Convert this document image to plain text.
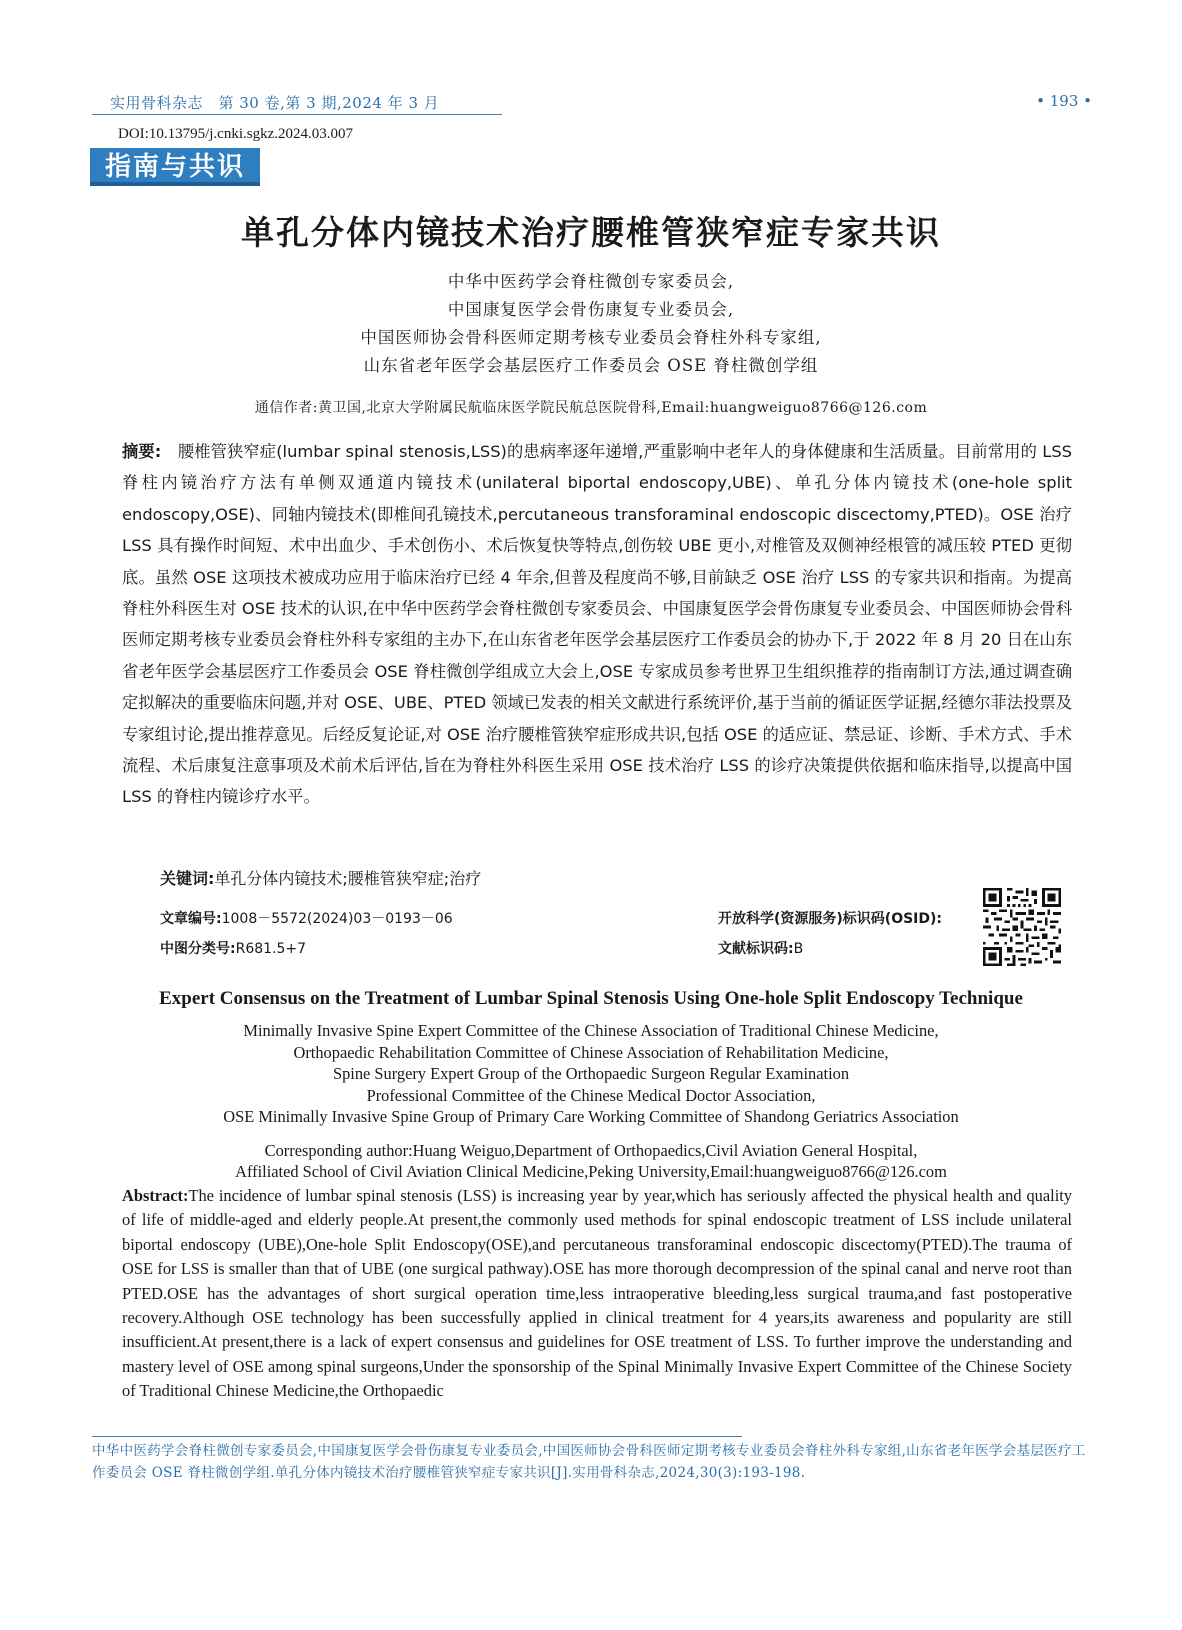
实用骨科杂志　第 30 卷,第 3 期,2024 年 3 月	• 193 •
DOI:10.13795/j.cnki.sgkz.2024.03.007
指南与共识
单孔分体内镜技术治疗腰椎管狭窄症专家共识
中华中医药学会脊柱微创专家委员会,
中国康复医学会骨伤康复专业委员会,
中国医师协会骨科医师定期考核专业委员会脊柱外科专家组,
山东省老年医学会基层医疗工作委员会 OSE 脊柱微创学组
通信作者:黄卫国,北京大学附属民航临床医学院民航总医院骨科,Email:huangweiguo8766@126.com
摘要:　腰椎管狭窄症(lumbar spinal stenosis,LSS)的患病率逐年递增,严重影响中老年人的身体健康和生活质量。目前常用的 LSS 脊柱内镜治疗方法有单侧双通道内镜技术(unilateral biportal endoscopy,UBE)、单孔分体内镜技术(one-hole split endoscopy,OSE)、同轴内镜技术(即椎间孔镜技术,percutaneous transforaminal endoscopic discectomy,PTED)。OSE 治疗 LSS 具有操作时间短、术中出血少、手术创伤小、术后恢复快等特点,创伤较 UBE 更小,对椎管及双侧神经根管的减压较 PTED 更彻底。虽然 OSE 这项技术被成功应用于临床治疗已经 4 年余,但普及程度尚不够,目前缺乏 OSE 治疗 LSS 的专家共识和指南。为提高脊柱外科医生对 OSE 技术的认识,在中华中医药学会脊柱微创专家委员会、中国康复医学会骨伤康复专业委员会、中国医师协会骨科医师定期考核专业委员会脊柱外科专家组的主办下,在山东省老年医学会基层医疗工作委员会的协办下,于 2022 年 8 月 20 日在山东省老年医学会基层医疗工作委员会 OSE 脊柱微创学组成立大会上,OSE 专家成员参考世界卫生组织推荐的指南制订方法,通过调查确定拟解决的重要临床问题,并对 OSE、UBE、PTED 领域已发表的相关文献进行系统评价,基于当前的循证医学证据,经德尔菲法投票及专家组讨论,提出推荐意见。后经反复论证,对 OSE 治疗腰椎管狭窄症形成共识,包括 OSE 的适应证、禁忌证、诊断、手术方式、手术流程、术后康复注意事项及术前术后评估,旨在为脊柱外科医生采用 OSE 技术治疗 LSS 的诊疗决策提供依据和临床指导,以提高中国 LSS 的脊柱内镜诊疗水平。
关键词:单孔分体内镜技术;腰椎管狭窄症;治疗
文章编号:1008－5572(2024)03－0193－06
中图分类号:R681.5+7
开放科学(资源服务)标识码(OSID):
文献标识码:B
Expert Consensus on the Treatment of Lumbar Spinal Stenosis Using One-hole Split Endoscopy Technique
Minimally Invasive Spine Expert Committee of the Chinese Association of Traditional Chinese Medicine,
Orthopaedic Rehabilitation Committee of Chinese Association of Rehabilitation Medicine,
Spine Surgery Expert Group of the Orthopaedic Surgeon Regular Examination
Professional Committee of the Chinese Medical Doctor Association,
OSE Minimally Invasive Spine Group of Primary Care Working Committee of Shandong Geriatrics Association
Corresponding author:Huang Weiguo,Department of Orthopaedics,Civil Aviation General Hospital,
Affiliated School of Civil Aviation Clinical Medicine,Peking University,Email:huangweiguo8766@126.com
Abstract:The incidence of lumbar spinal stenosis (LSS) is increasing year by year,which has seriously affected the physical health and quality of life of middle-aged and elderly people.At present,the commonly used methods for spinal endoscopic treatment of LSS include unilateral biportal endoscopy (UBE),One-hole Split Endoscopy(OSE),and percutaneous transforaminal endoscopic discectomy(PTED).The trauma of OSE for LSS is smaller than that of UBE (one surgical pathway).OSE has more thorough decompression of the spinal canal and nerve root than PTED.OSE has the advantages of short surgical operation time,less intraoperative bleeding,less surgical trauma,and fast postoperative recovery.Although OSE technology has been successfully applied in clinical treatment for 4 years,its awareness and popularity are still insufficient.At present,there is a lack of expert consensus and guidelines for OSE treatment of LSS. To further improve the understanding and mastery level of OSE among spinal surgeons,Under the sponsorship of the Spinal Minimally Invasive Expert Committee of the Chinese Society of Traditional Chinese Medicine,the Orthopaedic
中华中医药学会脊柱微创专家委员会,中国康复医学会骨伤康复专业委员会,中国医师协会骨科医师定期考核专业委员会脊柱外科专家组,山东省老年医学会基层医疗工作委员会 OSE 脊柱微创学组.单孔分体内镜技术治疗腰椎管狭窄症专家共识[J].实用骨科杂志,2024,30(3):193-198.
